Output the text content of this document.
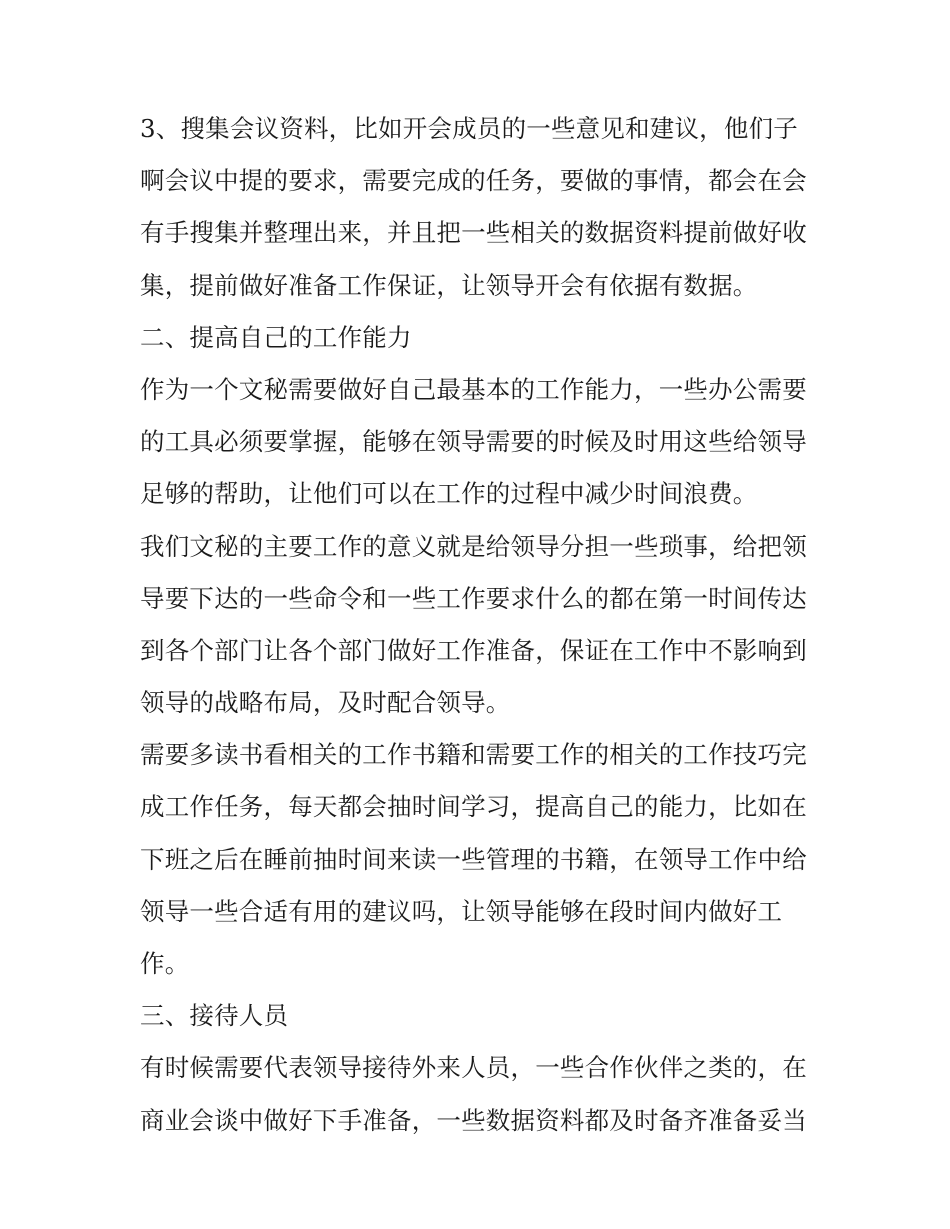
3、搜集会议资料，比如开会成员的一些意见和建议，他们子
啊会议中提的要求，需要完成的任务，要做的事情，都会在会
有手搜集并整理出来，并且把一些相关的数据资料提前做好收
集，提前做好准备工作保证，让领导开会有依据有数据。
二、提高自己的工作能力
作为一个文秘需要做好自己最基本的工作能力，一些办公需要
的工具必须要掌握，能够在领导需要的时候及时用这些给领导
足够的帮助，让他们可以在工作的过程中减少时间浪费。
我们文秘的主要工作的意义就是给领导分担一些琐事，给把领
导要下达的一些命令和一些工作要求什么的都在第一时间传达
到各个部门让各个部门做好工作准备，保证在工作中不影响到
领导的战略布局，及时配合领导。
需要多读书看相关的工作书籍和需要工作的相关的工作技巧完
成工作任务，每天都会抽时间学习，提高自己的能力，比如在
下班之后在睡前抽时间来读一些管理的书籍，在领导工作中给
领导一些合适有用的建议吗，让领导能够在段时间内做好工
作。
三、接待人员
有时候需要代表领导接待外来人员，一些合作伙伴之类的，在
商业会谈中做好下手准备，一些数据资料都及时备齐准备妥当
